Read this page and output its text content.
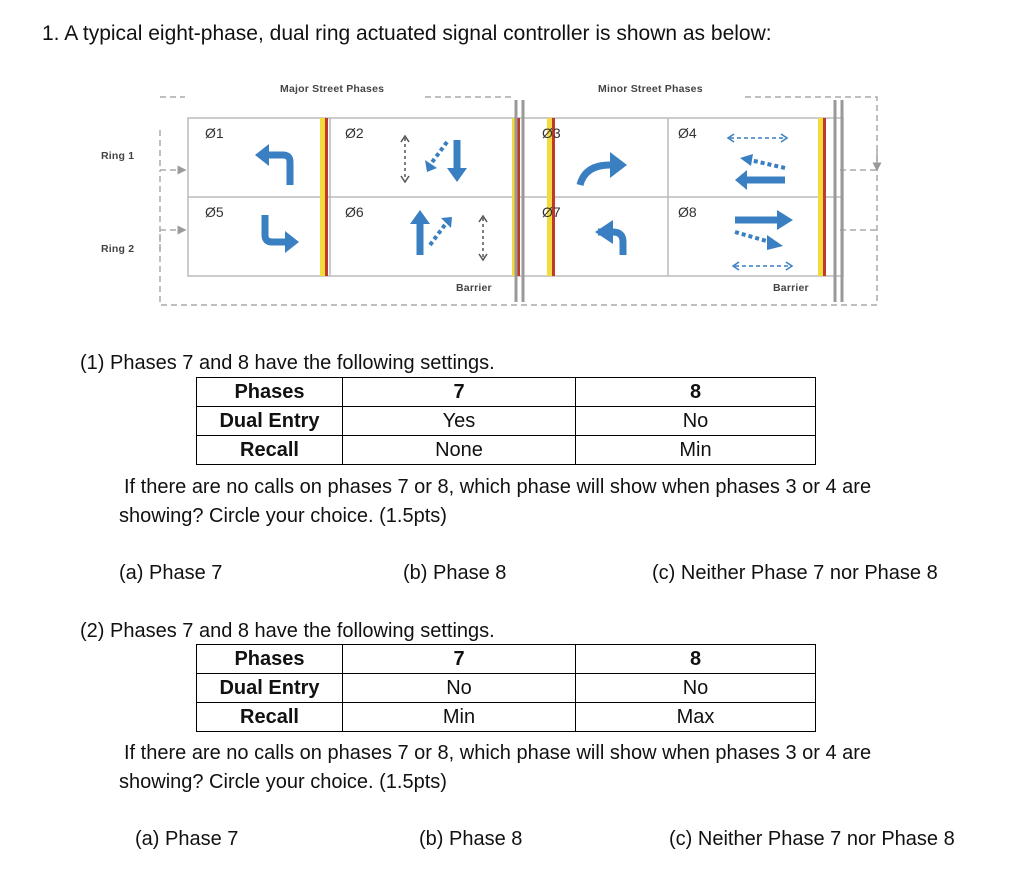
1. A typical eight-phase, dual ring actuated signal controller is shown as below:
Major Street Phases	Minor Street Phases
Ring 1
Ring 2
Barrier	Barrier
Ø1	Ø2	Ø3	Ø4
Ø5	Ø6	Ø7	Ø8
(1) Phases 7 and 8 have the following settings.
Phases	7	8
Dual Entry	Yes	No
Recall	None	Min
If there are no calls on phases 7 or 8, which phase will show when phases 3 or 4 are
showing? Circle your choice. (1.5pts)
(a) Phase 7	(b) Phase 8	(c) Neither Phase 7 nor Phase 8
(2) Phases 7 and 8 have the following settings.
Phases	7	8
Dual Entry	No	No
Recall	Min	Max
If there are no calls on phases 7 or 8, which phase will show when phases 3 or 4 are
showing? Circle your choice. (1.5pts)
(a) Phase 7	(b) Phase 8	(c) Neither Phase 7 nor Phase 8
